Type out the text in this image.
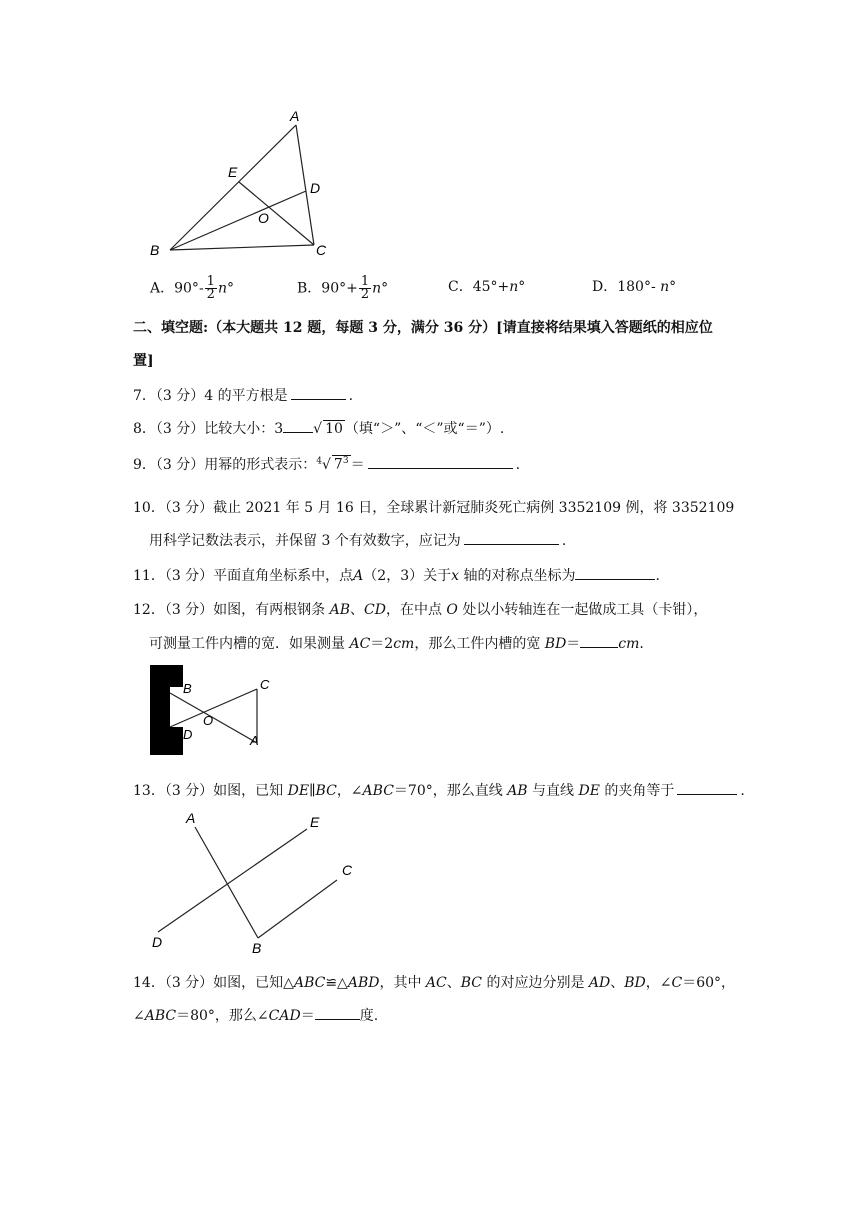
A
E
D
O
B	C
A．$90^\circ- \frac{1}{2} n^\circ$	B．$90^\circ+ \frac{1}{2} n^\circ$	C．45°+n°	D．180°- n°
二、填空题:（本大题共 12 题，每题 3 分，满分 36 分）[请直接将结果填入答题纸的相应位
置]
7．（3 分）4 的平方根是	.
8．（3 分）比较大小：3 √ 10 （填“＞”、“＜”或“＝”）.
9．（3 分）用幂的形式表示：$^4$√ $7^3$ ＝	.
10．（3 分）截止 2021 年 5 月 16 日，全球累计新冠肺炎死亡病例 3352109 例，将 3352109
用科学记数法表示，并保留 3 个有效数字，应记为	.
11．（3 分）平面直角坐标系中，点A（2，3）关于x 轴的对称点坐标为	.
12．（3 分）如图，有两根钢条 AB、CD，在中点 O 处以小转轴连在一起做成工具（卡钳），
可测量工件内槽的宽．如果测量 AC＝2cm，那么工件内槽的宽 BD＝	cm.
B	C
O
D	A
13．（3 分）如图，已知 DE∥BC，∠ABC＝70°，那么直线 AB 与直线 DE 的夹角等于	.
A	E
C
D	B
14．（3 分）如图，已知△ABC≌△ABD，其中 AC、BC 的对应边分别是 AD、BD，∠C＝60°，
∠ABC＝80°，那么∠CAD＝	度.
